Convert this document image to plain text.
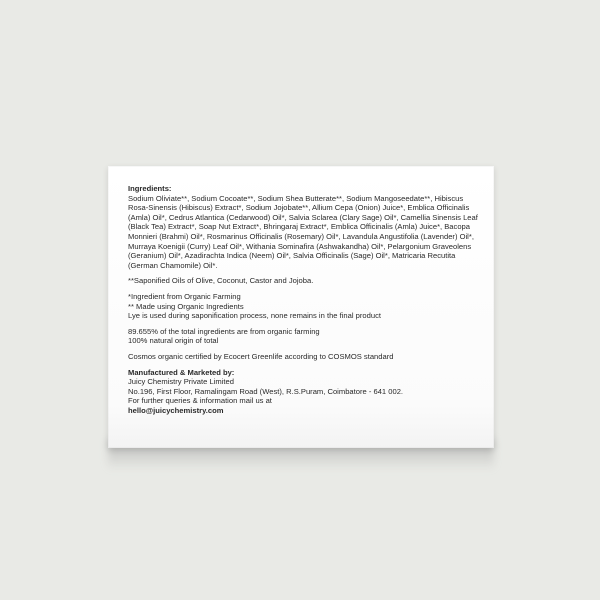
Ingredients:

Sodium Oliviate**, Sodium Cocoate**, Sodium Shea Butterate**, Sodium Mangoseedate**, Hibiscus Rosa-Sinensis (Hibiscus) Extract*, Sodium Jojobate**, Allium Cepa (Onion) Juice*, Emblica Officinalis (Amla) Oil*, Cedrus Atlantica (Cedarwood) Oil*, Salvia Sclarea (Clary Sage) Oil*, Camellia Sinensis Leaf (Black Tea) Extract*, Soap Nut Extract*, Bhringaraj Extract*, Emblica Officinalis (Amla) Juice*, Bacopa Monnieri (Brahmi) Oil*, Rosmarinus Officinalis (Rosemary) Oil*, Lavandula Angustifolia (Lavender) Oil*, Murraya Koenigii (Curry) Leaf Oil*, Withania Sominafira (Ashwakandha) Oil*, Pelargonium Graveolens (Geranium) Oil*, Azadirachta Indica (Neem) Oil*, Salvia Officinalis (Sage) Oil*, Matricaria Recutita (German Chamomile) Oil*.

**Saponified Oils of Olive, Coconut, Castor and Jojoba.

*Ingredient from Organic Farming

** Made using Organic Ingredients

Lye is used during saponification process, none remains in the final product

89.655% of the total ingredients are from organic farming

100% natural origin of total

Cosmos organic certified by Ecocert Greenlife according to COSMOS standard

Manufactured & Marketed by:

Juicy Chemistry Private Limited

No.196, First Floor, Ramalingam Road (West), R.S.Puram, Coimbatore - 641 002.

For further queries & information mail us at

hello@juicychemistry.com
